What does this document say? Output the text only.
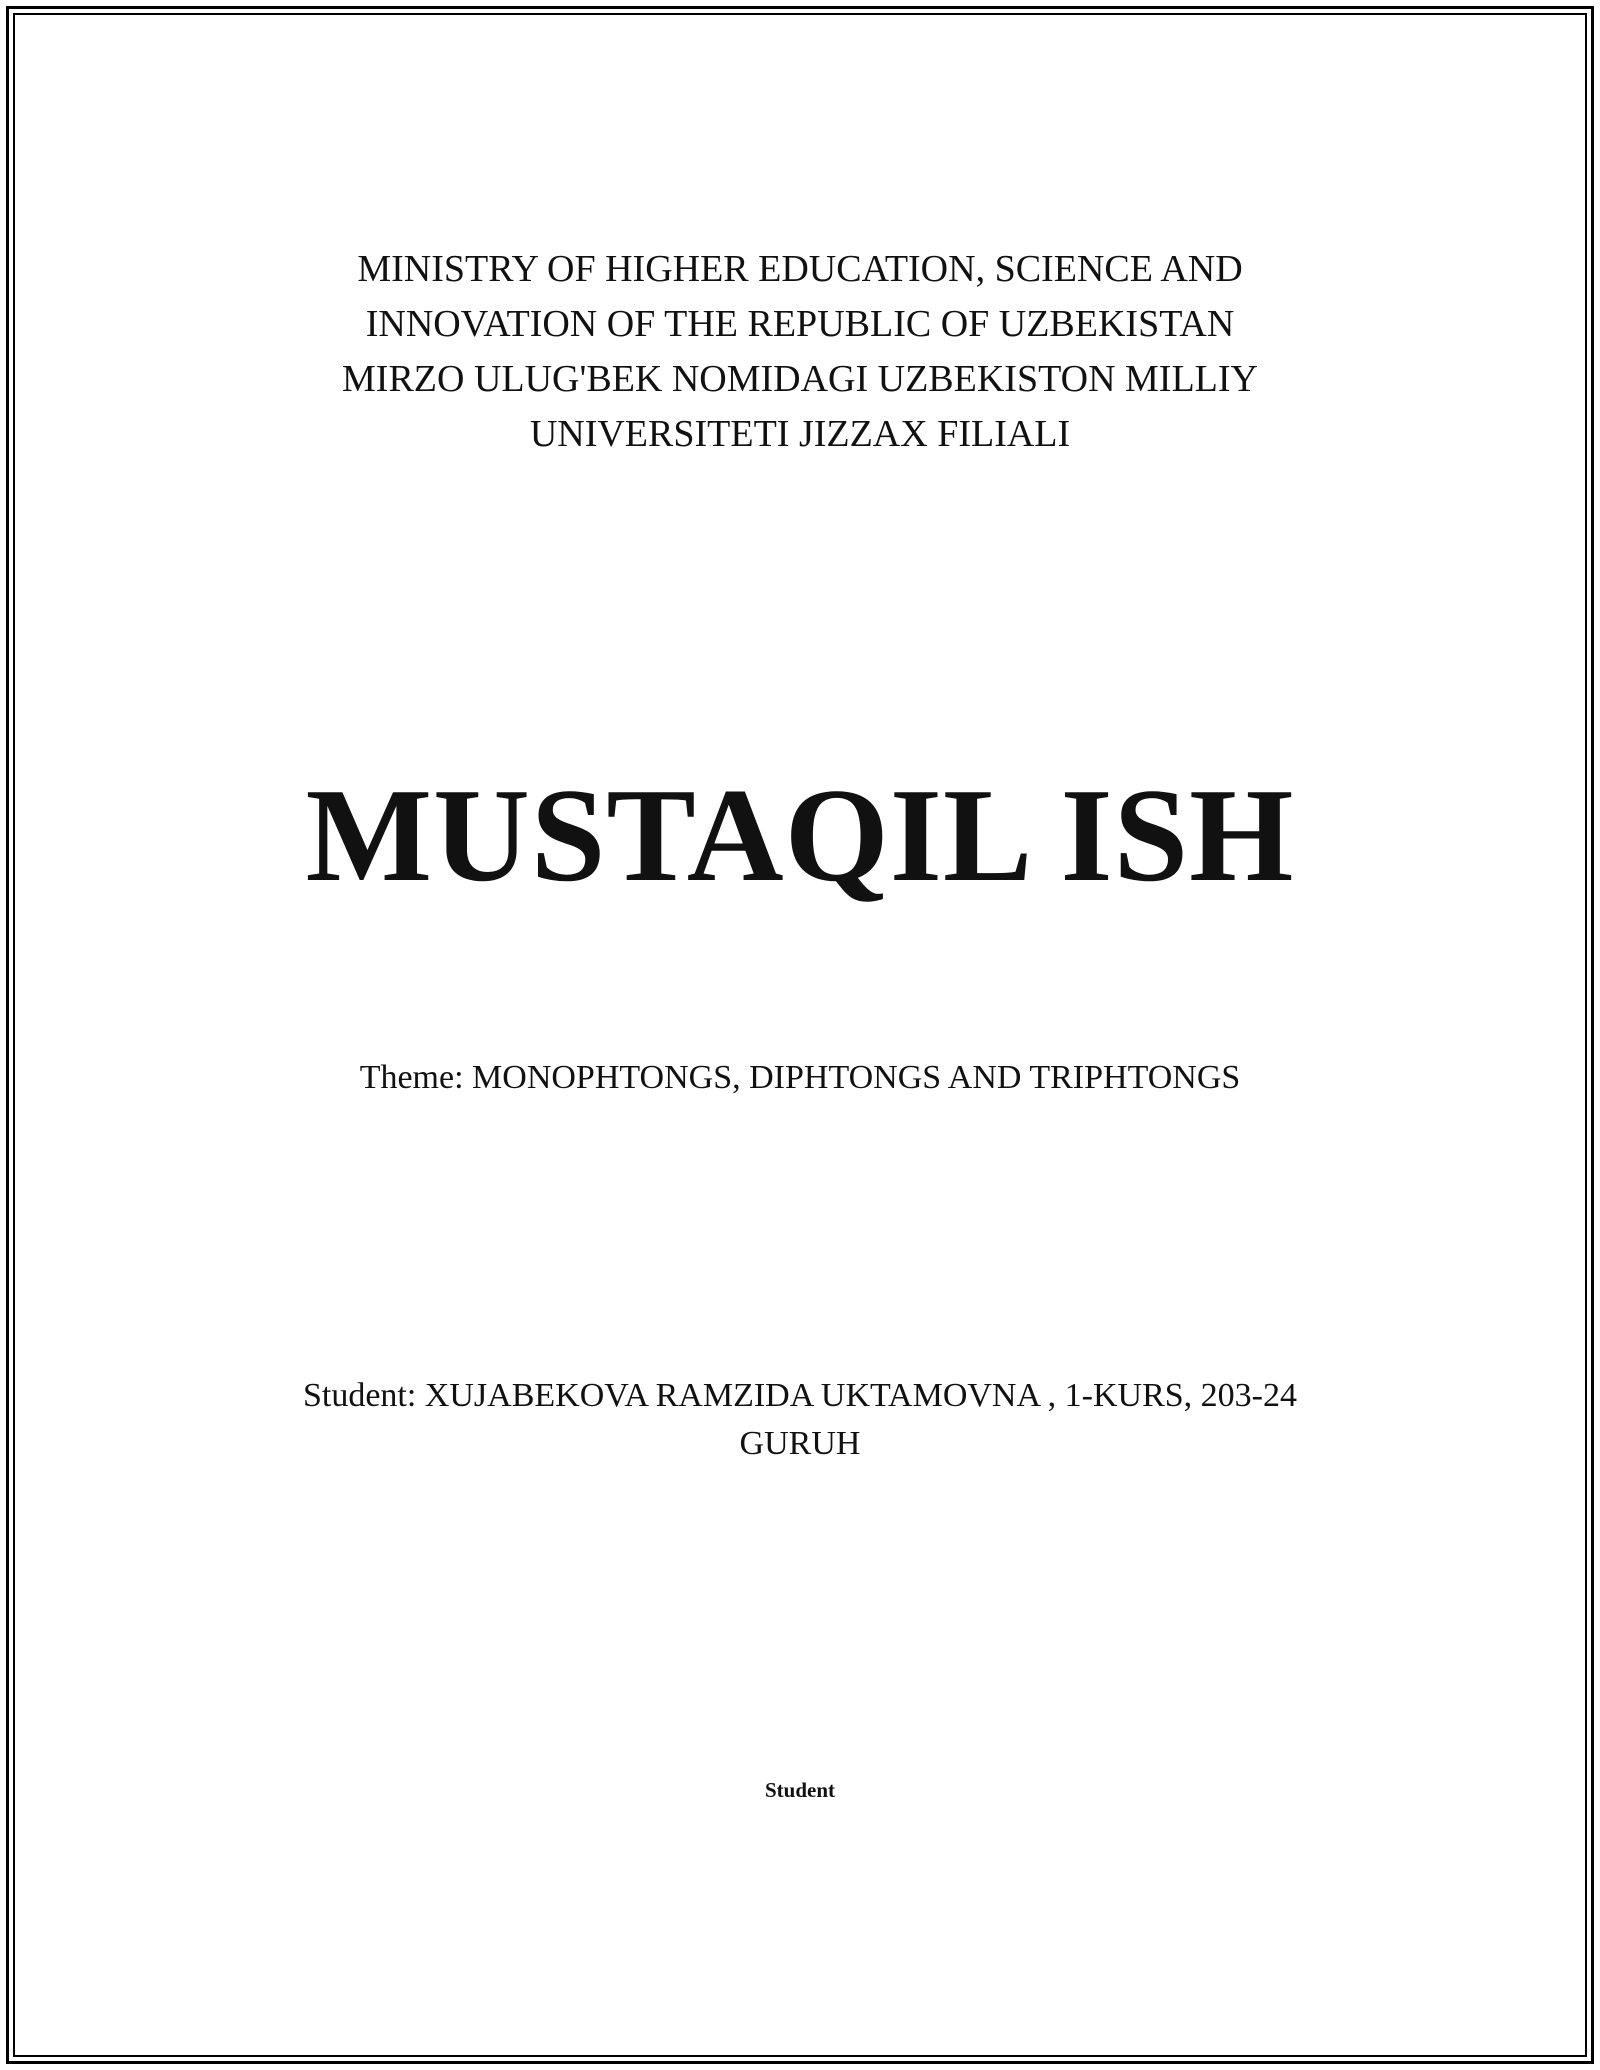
MINISTRY OF HIGHER EDUCATION, SCIENCE AND
INNOVATION OF THE REPUBLIC OF UZBEKISTAN
MIRZO ULUG'BEK NOMIDAGI UZBEKISTON MILLIY
UNIVERSITETI JIZZAX FILIALI
MUSTAQIL ISH
Theme: MONOPHTONGS, DIPHTONGS AND TRIPHTONGS
Student: XUJABEKOVA RAMZIDA UKTAMOVNA , 1-KURS, 203-24
GURUH
Student
